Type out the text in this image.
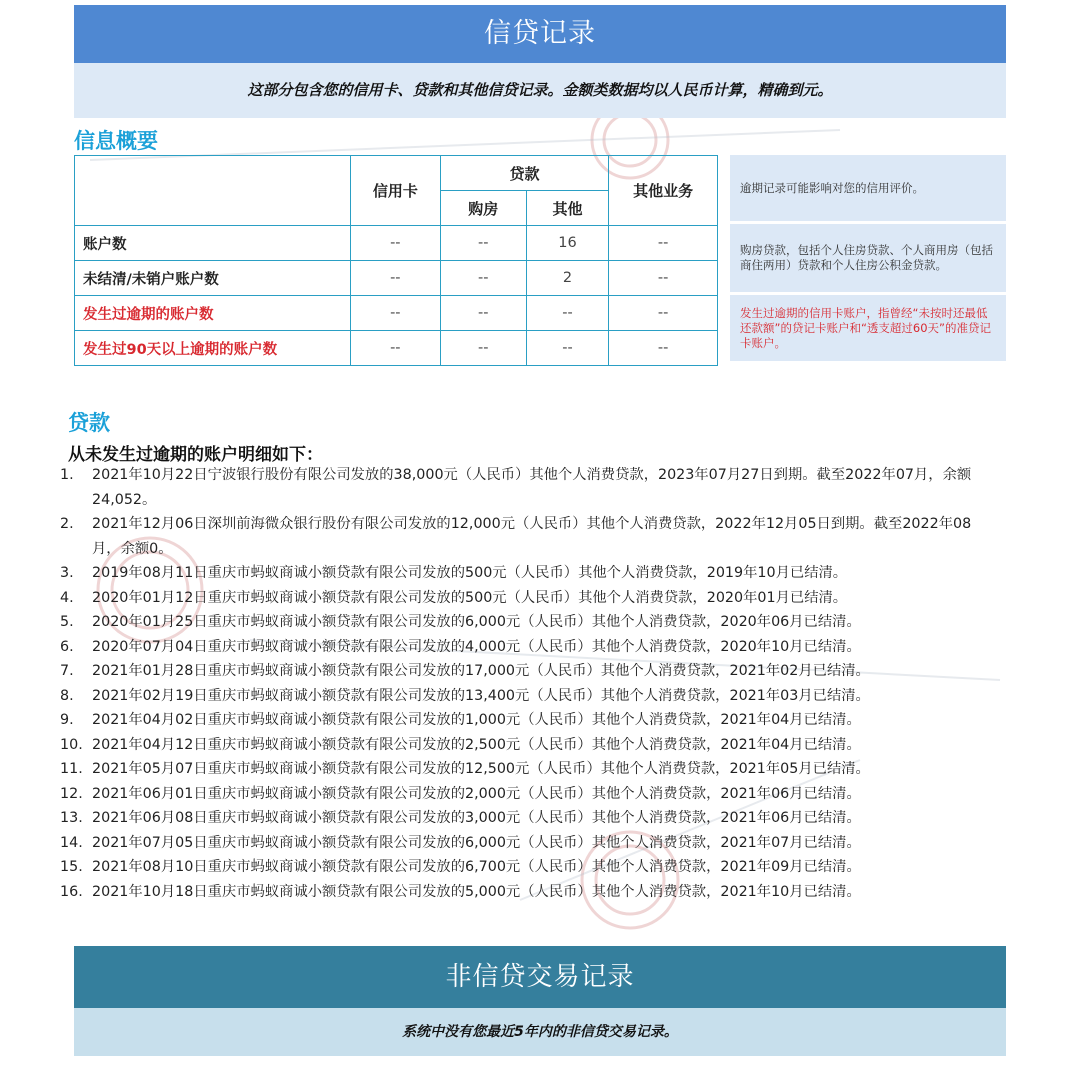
信贷记录
这部分包含您的信用卡、贷款和其他信贷记录。金额类数据均以人民币计算，精确到元。
信息概要
	信用卡	贷款		其他业务
		购房	其他	
账户数	--	--	16	--
未结清/未销户账户数	--	--	2	--
发生过逾期的账户数	--	--	--	--
发生过90天以上逾期的账户数	--	--	--	--
逾期记录可能影响对您的信用评价。
购房贷款，包括个人住房贷款、个人商用房（包括商住两用）贷款和个人住房公积金贷款。
发生过逾期的信用卡账户，指曾经“未按时还最低还款额”的贷记卡账户和“透支超过60天”的准贷记卡账户。
贷款
从未发生过逾期的账户明细如下：
1.	2021年10月22日宁波银行股份有限公司发放的38,000元（人民币）其他个人消费贷款，2023年07月27日到期。截至2022年07月，余额24,052。
2.	2021年12月06日深圳前海微众银行股份有限公司发放的12,000元（人民币）其他个人消费贷款，2022年12月05日到期。截至2022年08月，余额0。
3.	2019年08月11日重庆市蚂蚁商诚小额贷款有限公司发放的500元（人民币）其他个人消费贷款，2019年10月已结清。
4.	2020年01月12日重庆市蚂蚁商诚小额贷款有限公司发放的500元（人民币）其他个人消费贷款，2020年01月已结清。
5.	2020年01月25日重庆市蚂蚁商诚小额贷款有限公司发放的6,000元（人民币）其他个人消费贷款，2020年06月已结清。
6.	2020年07月04日重庆市蚂蚁商诚小额贷款有限公司发放的4,000元（人民币）其他个人消费贷款，2020年10月已结清。
7.	2021年01月28日重庆市蚂蚁商诚小额贷款有限公司发放的17,000元（人民币）其他个人消费贷款，2021年02月已结清。
8.	2021年02月19日重庆市蚂蚁商诚小额贷款有限公司发放的13,400元（人民币）其他个人消费贷款，2021年03月已结清。
9.	2021年04月02日重庆市蚂蚁商诚小额贷款有限公司发放的1,000元（人民币）其他个人消费贷款，2021年04月已结清。
10. 2021年04月12日重庆市蚂蚁商诚小额贷款有限公司发放的2,500元（人民币）其他个人消费贷款，2021年04月已结清。
11. 2021年05月07日重庆市蚂蚁商诚小额贷款有限公司发放的12,500元（人民币）其他个人消费贷款，2021年05月已结清。
12. 2021年06月01日重庆市蚂蚁商诚小额贷款有限公司发放的2,000元（人民币）其他个人消费贷款，2021年06月已结清。
13. 2021年06月08日重庆市蚂蚁商诚小额贷款有限公司发放的3,000元（人民币）其他个人消费贷款，2021年06月已结清。
14. 2021年07月05日重庆市蚂蚁商诚小额贷款有限公司发放的6,000元（人民币）其他个人消费贷款，2021年07月已结清。
15. 2021年08月10日重庆市蚂蚁商诚小额贷款有限公司发放的6,700元（人民币）其他个人消费贷款，2021年09月已结清。
16. 2021年10月18日重庆市蚂蚁商诚小额贷款有限公司发放的5,000元（人民币）其他个人消费贷款，2021年10月已结清。
非信贷交易记录
系统中没有您最近5年内的非信贷交易记录。
